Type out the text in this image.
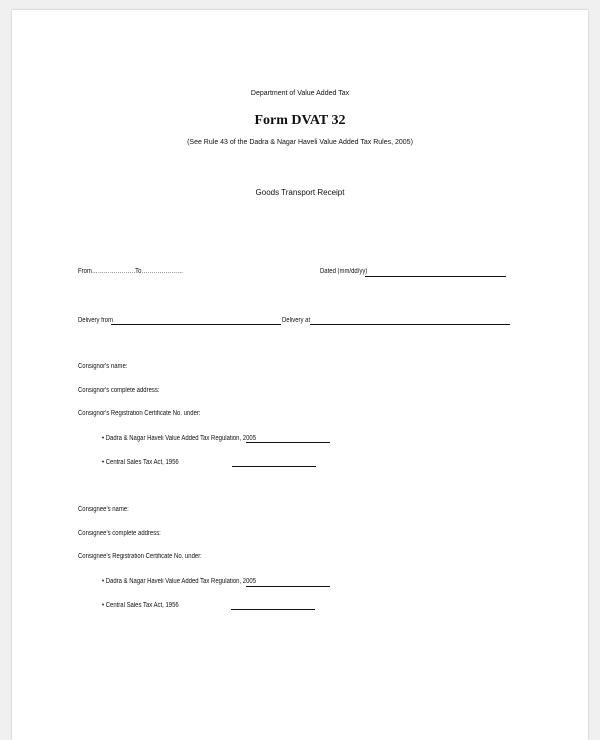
Department of Value Added Tax
Form DVAT 32
(See Rule 43 of the Dadra & Nagar Haveli Value Added Tax Rules, 2005)
Goods Transport Receipt
From………………….To…………………	Dated (mm/dd/yy)
Delivery from	Delivery at
Consignor's name:
Consignor's complete address:
Consignor's Registration Certificate No. under:
• Dadra & Nagar Haveli Value Added Tax Regulation, 2005
• Central Sales Tax Act, 1956
Consignee's name:
Consignee's complete address:
Consignee's Registration Certificate No. under:
• Dadra & Nagar Haveli Value Added Tax Regulation, 2005
• Central Sales Tax Act, 1956
